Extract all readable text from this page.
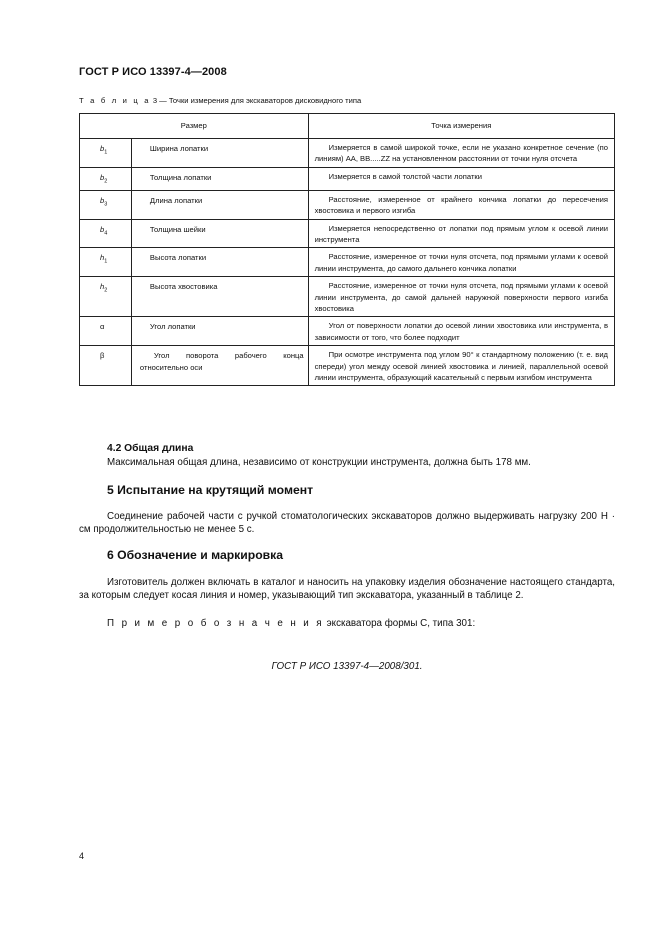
ГОСТ Р ИСО 13397-4—2008
Т а б л и ц а 3 — Точки измерения для экскаваторов дисковидного типа
Размер		Точка измерения
$b_1$	Ширина лопатки	Измеряется в самой широкой точке, если не указано конкретное сечение (по линиям) AA, BB.....ZZ на установленном расстоянии от точки нуля отсчета
$b_2$	Толщина лопатки	Измеряется в самой толстой части лопатки
$b_3$	Длина лопатки	Расстояние, измеренное от крайнего кончика лопатки до пересечения хвостовика и первого изгиба
$b_4$	Толщина шейки	Измеряется непосредственно от лопатки под прямым углом к осевой линии инструмента
$h_1$	Высота лопатки	Расстояние, измеренное от точки нуля отсчета, под прямыми углами к осевой линии инструмента, до самого дальнего кончика лопатки
$h_2$	Высота хвостовика	Расстояние, измеренное от точки нуля отсчета, под прямыми углами к осевой линии инструмента, до самой дальней наружной поверхности первого изгиба хвостовика
α	Угол лопатки	Угол от поверхности лопатки до осевой линии хвостовика или инструмента, в зависимости от того, что более подходит
β	Угол поворота рабочего конца относительно оси	При осмотре инструмента под углом 90° к стандартному положению (т. е. вид спереди) угол между осевой линией хвостовика и линией, параллельной осевой линии инструмента, образующий касательный с первым изгибом инструмента
4.2 Общая длина
Максимальная общая длина, независимо от конструкции инструмента, должна быть 178 мм.
5 Испытание на крутящий момент
Соединение рабочей части с ручкой стоматологических экскаваторов должно выдерживать нагрузку 200 Н · см продолжительностью не менее 5 с.
6 Обозначение и маркировка
Изготовитель должен включать в каталог и наносить на упаковку изделия обозначение настоящего стандарта, за которым следует косая линия и номер, указывающий тип экскаватора, указанный в таблице 2.
П р и м е р о б о з н а ч е н и я экскаватора формы С, типа 301:
ГОСТ Р ИСО 13397-4—2008/301.
4
